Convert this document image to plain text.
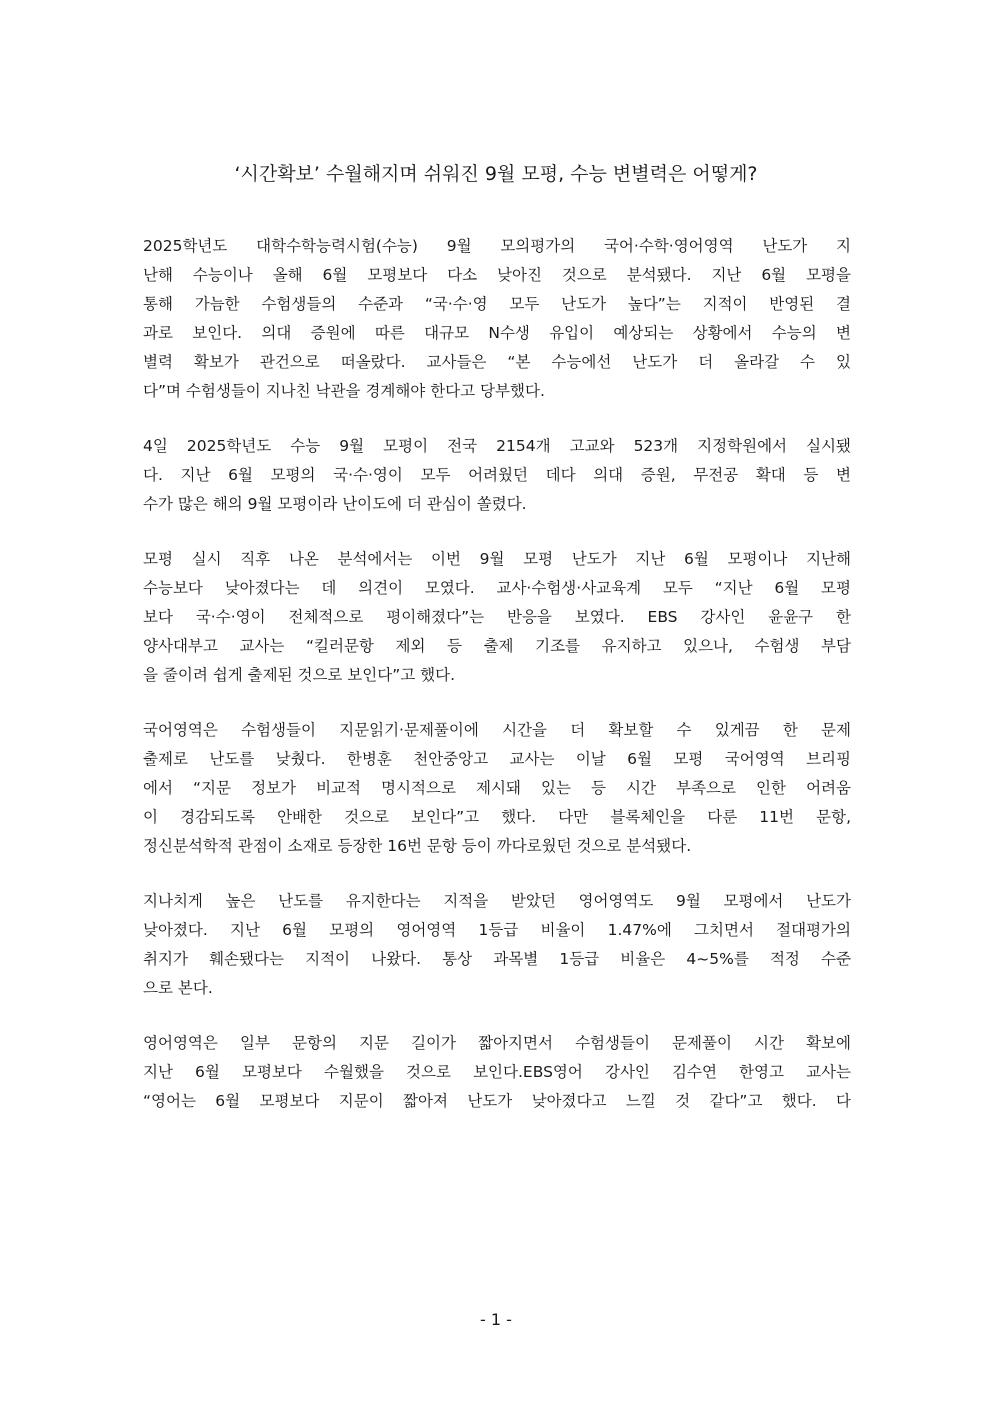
‘시간확보’ 수월해지며 쉬워진 9월 모평, 수능 변별력은 어떻게?

2025학년도 대학수학능력시험(수능) 9월 모의평가의 국어·수학·영어영역 난도가 지
난해 수능이나 올해 6월 모평보다 다소 낮아진 것으로 분석됐다. 지난 6월 모평을
통해 가늠한 수험생들의 수준과 “국·수·영 모두 난도가 높다”는 지적이 반영된 결
과로 보인다. 의대 증원에 따른 대규모 N수생 유입이 예상되는 상황에서 수능의 변
별력 확보가 관건으로 떠올랐다. 교사들은 “본 수능에선 난도가 더 올라갈 수 있
다”며 수험생들이 지나친 낙관을 경계해야 한다고 당부했다.

4일 2025학년도 수능 9월 모평이 전국 2154개 고교와 523개 지정학원에서 실시됐
다. 지난 6월 모평의 국·수·영이 모두 어려웠던 데다 의대 증원, 무전공 확대 등 변
수가 많은 해의 9월 모평이라 난이도에 더 관심이 쏠렸다.

모평 실시 직후 나온 분석에서는 이번 9월 모평 난도가 지난 6월 모평이나 지난해
수능보다 낮아졌다는 데 의견이 모였다. 교사·수험생·사교육계 모두 “지난 6월 모평
보다 국·수·영이 전체적으로 평이해졌다”는 반응을 보였다. EBS 강사인 윤윤구 한
양사대부고 교사는 “킬러문항 제외 등 출제 기조를 유지하고 있으나, 수험생 부담
을 줄이려 쉽게 출제된 것으로 보인다”고 했다.

국어영역은 수험생들이 지문읽기·문제풀이에 시간을 더 확보할 수 있게끔 한 문제
출제로 난도를 낮췄다. 한병훈 천안중앙고 교사는 이날 6월 모평 국어영역 브리핑
에서 “지문 정보가 비교적 명시적으로 제시돼 있는 등 시간 부족으로 인한 어려움
이 경감되도록 안배한 것으로 보인다”고 했다. 다만 블록체인을 다룬 11번 문항,
정신분석학적 관점이 소재로 등장한 16번 문항 등이 까다로웠던 것으로 분석됐다.

지나치게 높은 난도를 유지한다는 지적을 받았던 영어영역도 9월 모평에서 난도가
낮아졌다. 지난 6월 모평의 영어영역 1등급 비율이 1.47%에 그치면서 절대평가의
취지가 훼손됐다는 지적이 나왔다. 통상 과목별 1등급 비율은 4~5%를 적정 수준
으로 본다.

영어영역은 일부 문항의 지문 길이가 짧아지면서 수험생들이 문제풀이 시간 확보에
지난 6월 모평보다 수월했을 것으로 보인다.EBS영어 강사인 김수연 한영고 교사는
“영어는 6월 모평보다 지문이 짧아져 난도가 낮아졌다고 느낄 것 같다”고 했다. 다

- 1 -
